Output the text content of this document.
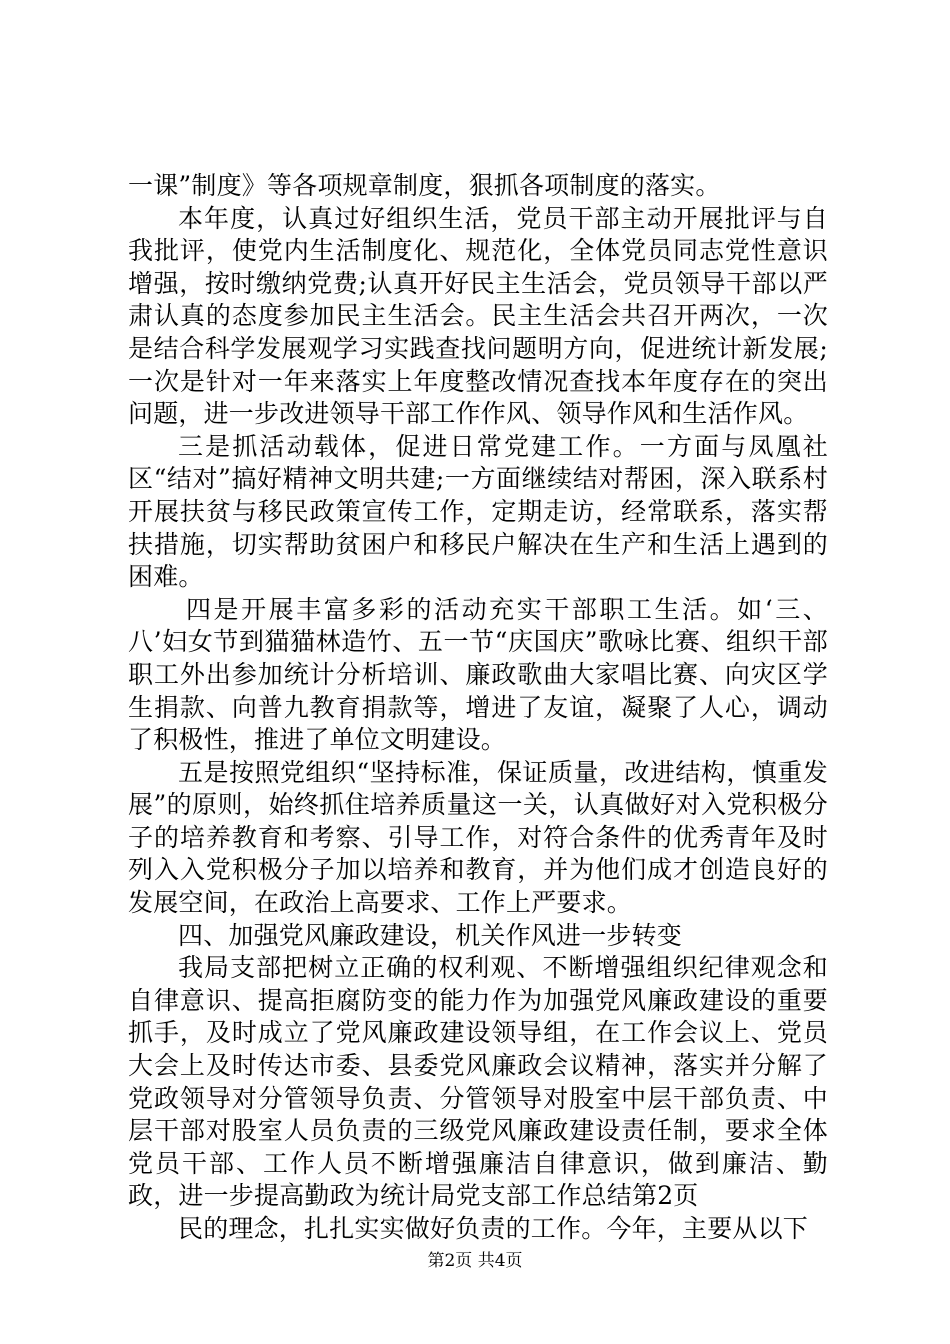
一课”制度》等各项规章制度，狠抓各项制度的落实。

本年度，认真过好组织生活，党员干部主动开展批评与自我批评，使党内生活制度化、规范化，全体党员同志党性意识增强，按时缴纳党费;认真开好民主生活会，党员领导干部以严肃认真的态度参加民主生活会。民主生活会共召开两次，一次是结合科学发展观学习实践查找问题明方向，促进统计新发展;一次是针对一年来落实上年度整改情况查找本年度存在的突出问题，进一步改进领导干部工作作风、领导作风和生活作风。

三是抓活动载体，促进日常党建工作。一方面与凤凰社区“结对”搞好精神文明共建;一方面继续结对帮困，深入联系村开展扶贫与移民政策宣传工作，定期走访，经常联系，落实帮扶措施，切实帮助贫困户和移民户解决在生产和生活上遇到的困难。

四是开展丰富多彩的活动充实干部职工生活。如‘三、八’妇女节到猫猫林造竹、五一节“庆国庆”歌咏比赛、组织干部职工外出参加统计分析培训、廉政歌曲大家唱比赛、向灾区学生捐款、向普九教育捐款等，增进了友谊，凝聚了人心，调动了积极性，推进了单位文明建设。

五是按照党组织“坚持标准，保证质量，改进结构，慎重发展”的原则，始终抓住培养质量这一关，认真做好对入党积极分子的培养教育和考察、引导工作，对符合条件的优秀青年及时列入入党积极分子加以培养和教育，并为他们成才创造良好的发展空间，在政治上高要求、工作上严要求。

四、加强党风廉政建设，机关作风进一步转变

我局支部把树立正确的权利观、不断增强组织纪律观念和自律意识、提高拒腐防变的能力作为加强党风廉政建设的重要抓手，及时成立了党风廉政建设领导组，在工作会议上、党员大会上及时传达市委、县委党风廉政会议精神，落实并分解了党政领导对分管领导负责、分管领导对股室中层干部负责、中层干部对股室人员负责的三级党风廉政建设责任制，要求全体党员干部、工作人员不断增强廉洁自律意识，做到廉洁、勤政，进一步提高勤政为统计局党支部工作总结第2页

民的理念，扎扎实实做好负责的工作。今年，主要从以下

第2页 共4页
